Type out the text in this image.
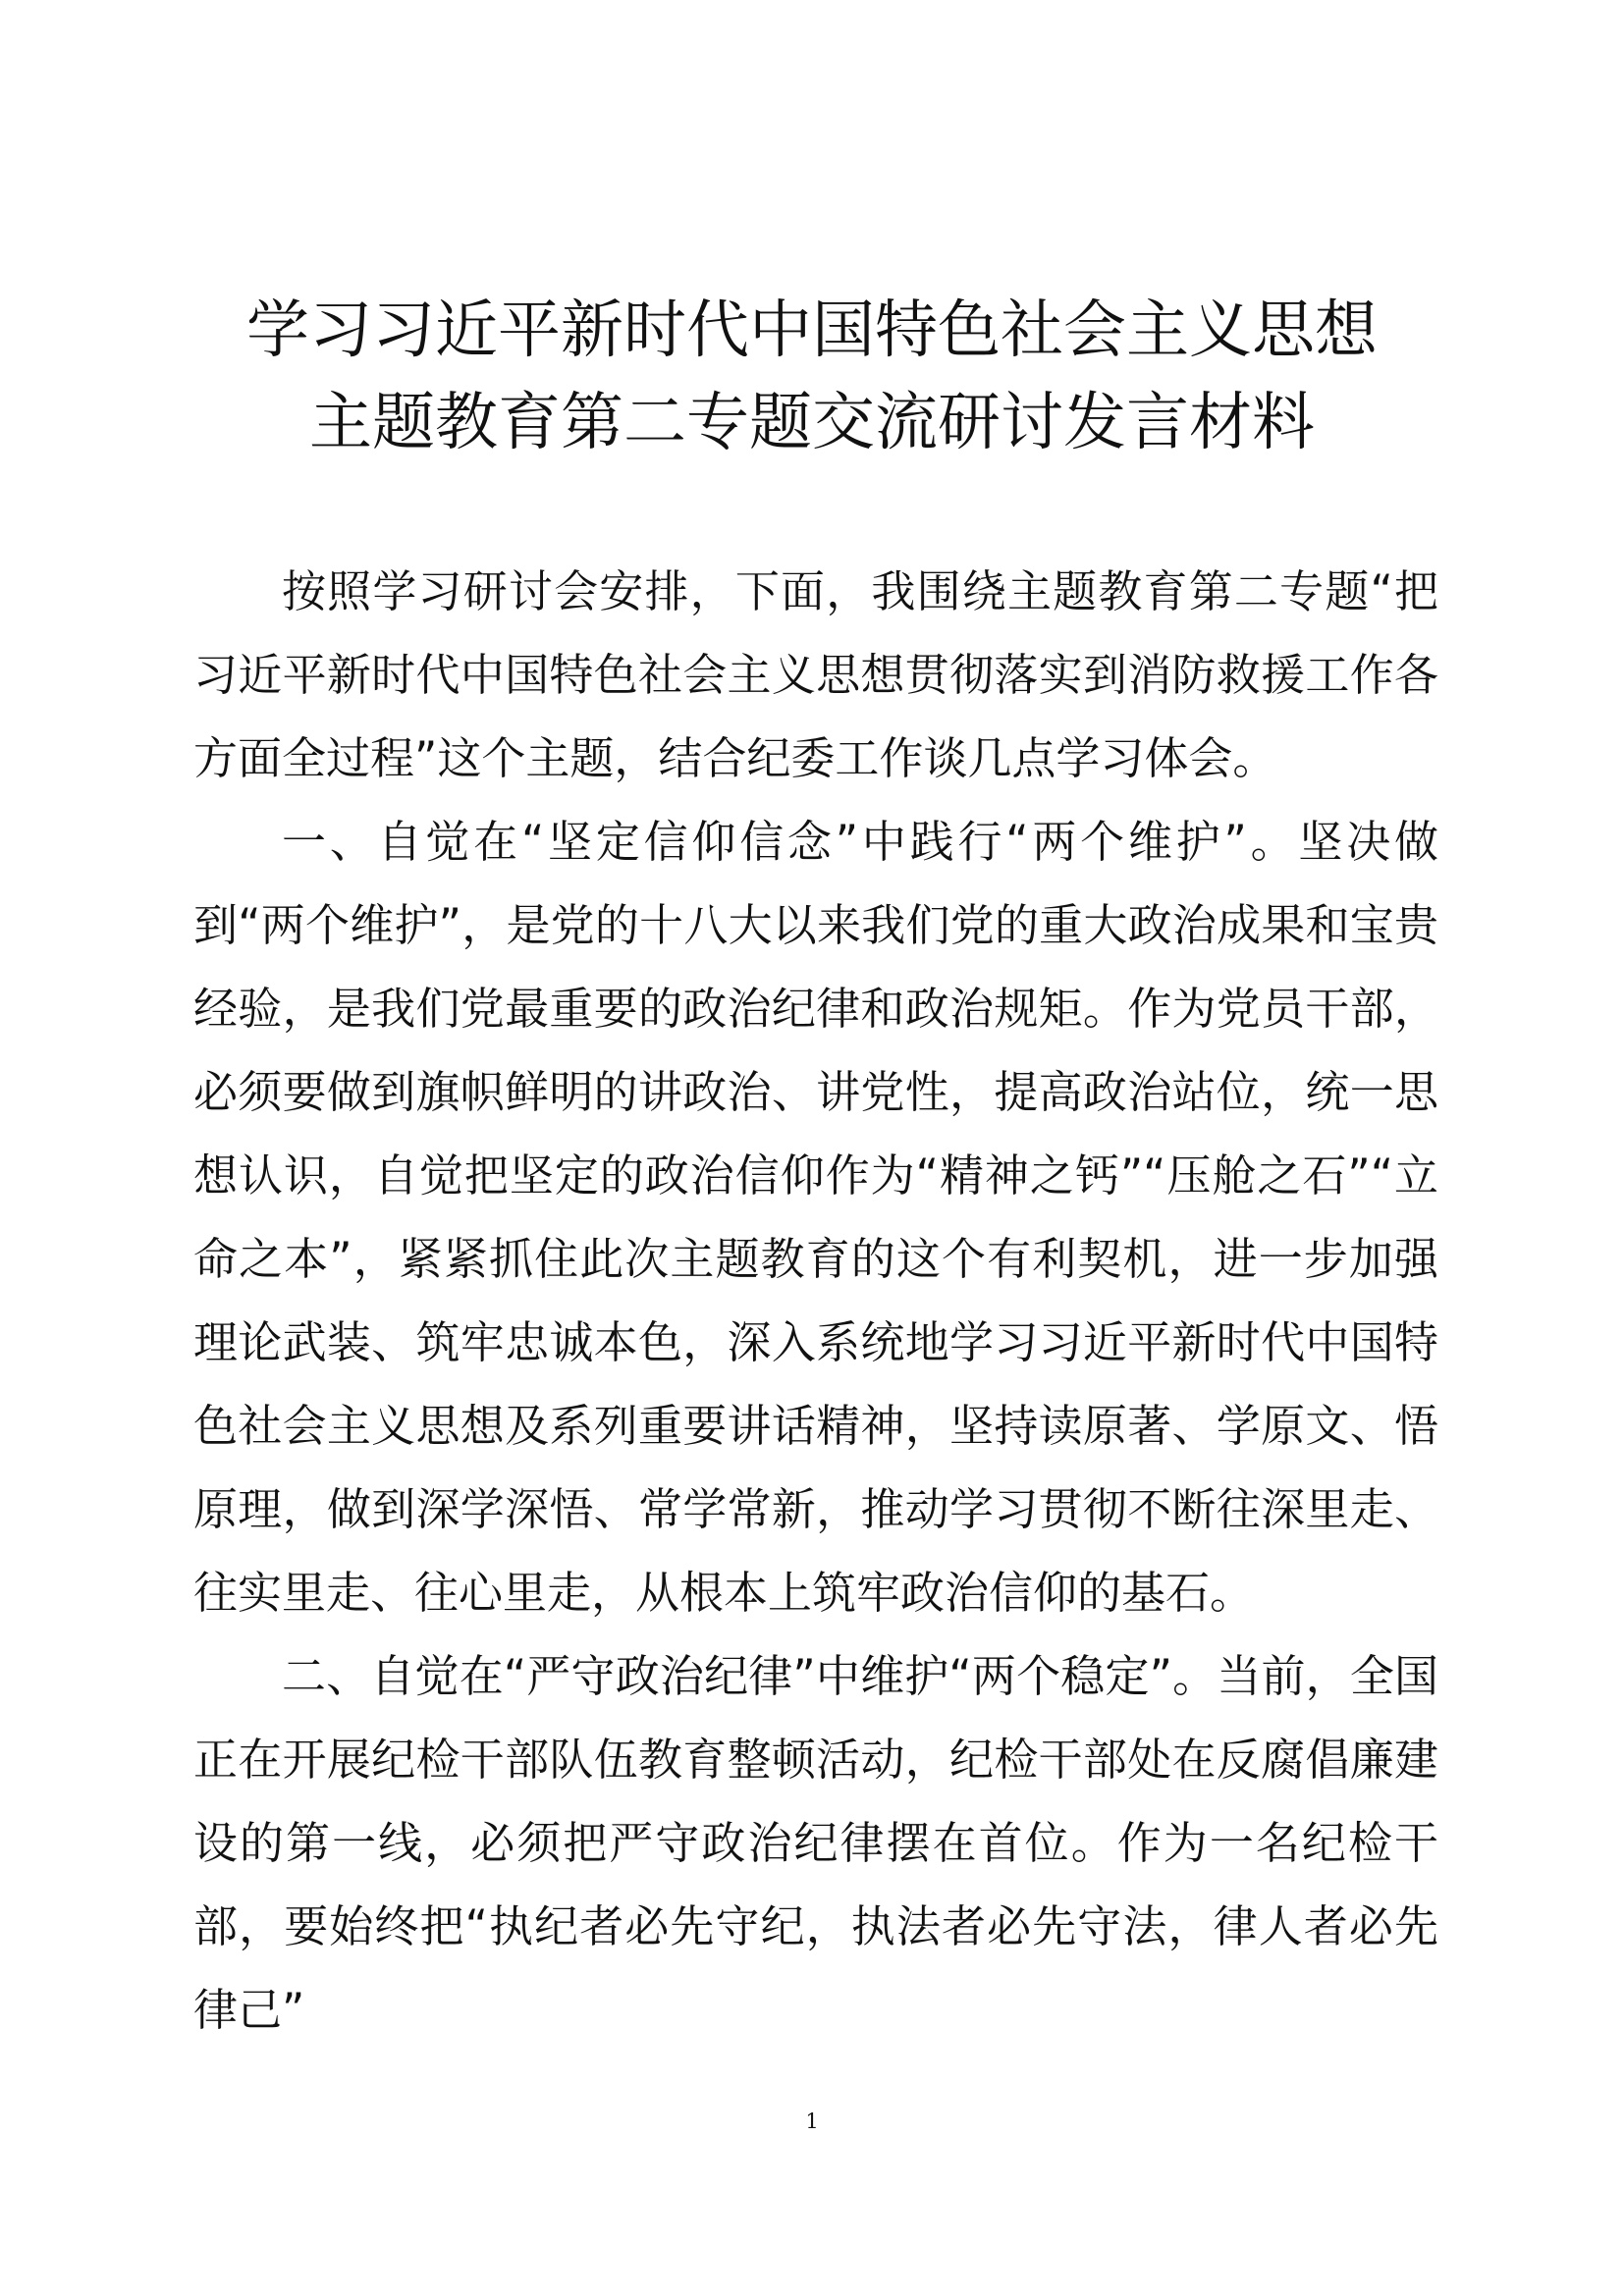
学习习近平新时代中国特色社会主义思想
主题教育第二专题交流研讨发言材料

按照学习研讨会安排，下面，我围绕主题教育第二专题“把习近平新时代中国特色社会主义思想贯彻落实到消防救援工作各方面全过程”这个主题，结合纪委工作谈几点学习体会。

一、自觉在“坚定信仰信念”中践行“两个维护”。坚决做到“两个维护”，是党的十八大以来我们党的重大政治成果和宝贵经验，是我们党最重要的政治纪律和政治规矩。作为党员干部，必须要做到旗帜鲜明的讲政治、讲党性，提高政治站位，统一思想认识，自觉把坚定的政治信仰作为“精神之钙”“压舱之石”“立命之本”，紧紧抓住此次主题教育的这个有利契机，进一步加强理论武装、筑牢忠诚本色，深入系统地学习习近平新时代中国特色社会主义思想及系列重要讲话精神，坚持读原著、学原文、悟原理，做到深学深悟、常学常新，推动学习贯彻不断往深里走、往实里走、往心里走，从根本上筑牢政治信仰的基石。

二、自觉在“严守政治纪律”中维护“两个稳定”。当前，全国正在开展纪检干部队伍教育整顿活动，纪检干部处在反腐倡廉建设的第一线，必须把严守政治纪律摆在首位。作为一名纪检干部，要始终把“执纪者必先守纪，执法者必先守法，律人者必先律己”

1
